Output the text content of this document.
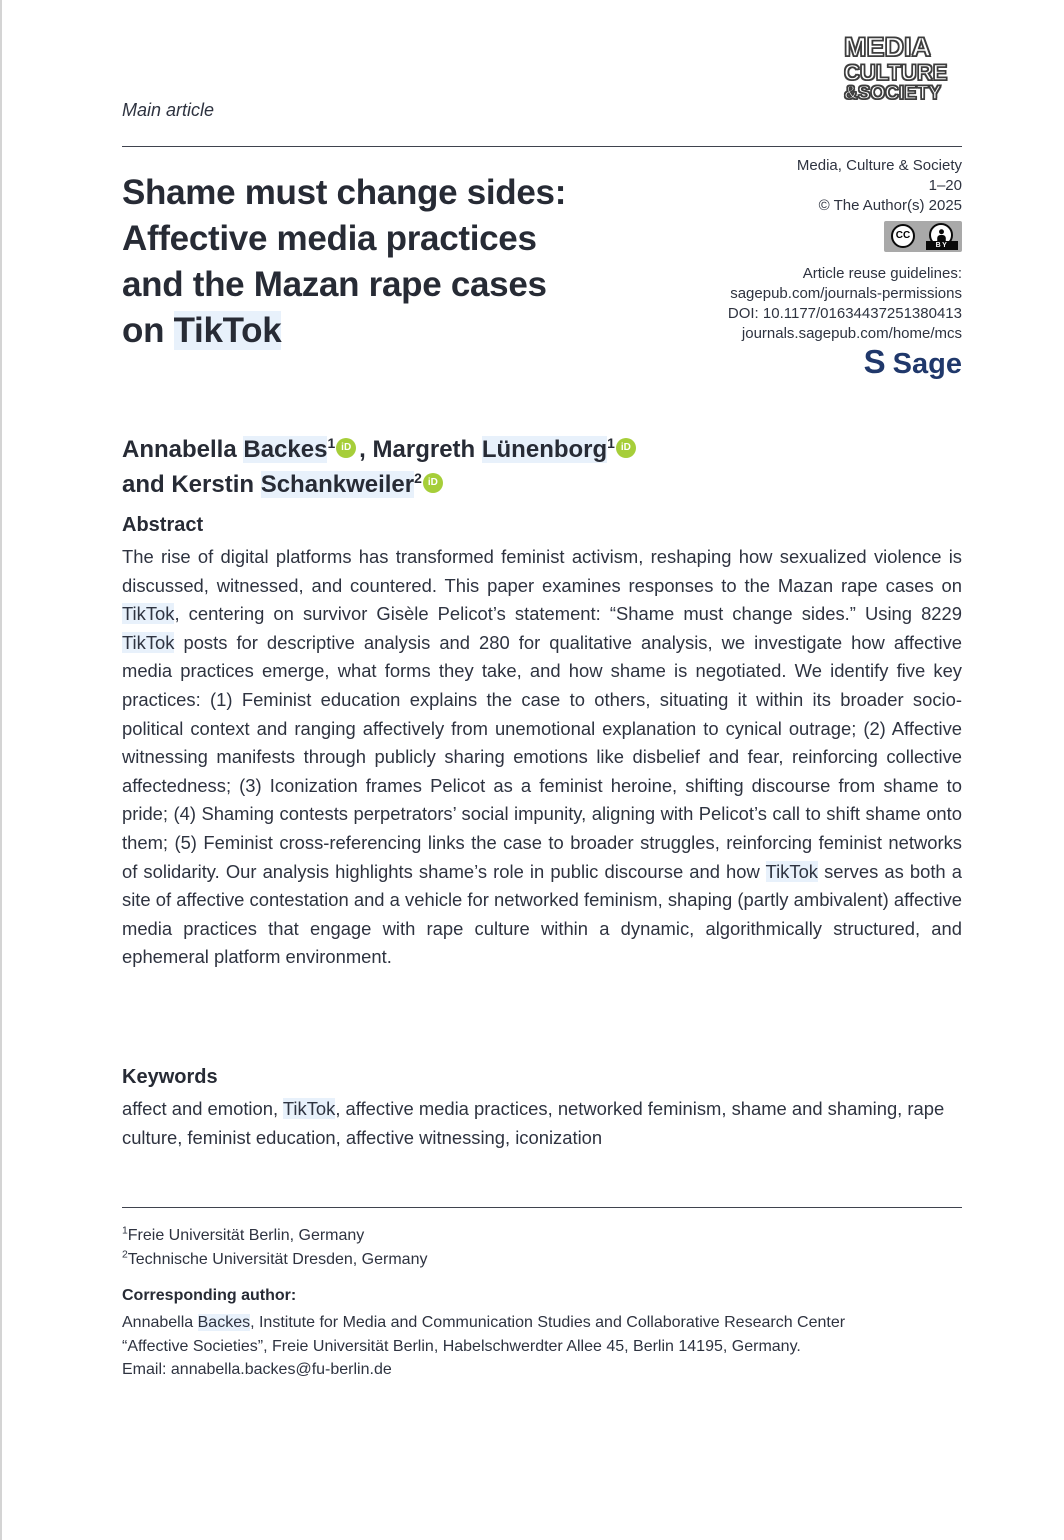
MEDIA
CULTURE
&SOCIETY
Main article
Shame must change sides:
Affective media practices
and the Mazan rape cases
on TikTok
Media, Culture & Society
1–20
© The Author(s) 2025
CC
BY
Article reuse guidelines:
sagepub.com/journals-permissions
DOI: 10.1177/01634437251380413
journals.sagepub.com/home/mcs
S Sage
Annabella Backes$^1$ iD , Margreth Lünenborg$^1$ iD
and Kerstin Schankweiler$^2$ iD
Abstract
The rise of digital platforms has transformed feminist activism, reshaping how sexualized violence is discussed, witnessed, and countered. This paper examines responses to the Mazan rape cases on TikTok, centering on survivor Gisèle Pelicot’s statement: “Shame must change sides.” Using 8229 TikTok posts for descriptive analysis and 280 for qualitative analysis, we investigate how affective media practices emerge, what forms they take, and how shame is negotiated. We identify five key practices: (1) Feminist education explains the case to others, situating it within its broader socio-political context and ranging affectively from unemotional explanation to cynical outrage; (2) Affective witnessing manifests through publicly sharing emotions like disbelief and fear, reinforcing collective affectedness; (3) Iconization frames Pelicot as a feminist heroine, shifting discourse from shame to pride; (4) Shaming contests perpetrators’ social impunity, aligning with Pelicot’s call to shift shame onto them; (5) Feminist cross-referencing links the case to broader struggles, reinforcing feminist networks of solidarity. Our analysis highlights shame’s role in public discourse and how TikTok serves as both a site of affective contestation and a vehicle for networked feminism, shaping (partly ambivalent) affective media practices that engage with rape culture within a dynamic, algorithmically structured, and ephemeral platform environment.
Keywords
affect and emotion, TikTok, affective media practices, networked feminism, shame and shaming, rape culture, feminist education, affective witnessing, iconization
$^1$Freie Universität Berlin, Germany
$^2$Technische Universität Dresden, Germany
Corresponding author:
Annabella Backes, Institute for Media and Communication Studies and Collaborative Research Center
“Affective Societies”, Freie Universität Berlin, Habelschwerdter Allee 45, Berlin 14195, Germany.
Email: annabella.backes@fu-berlin.de
